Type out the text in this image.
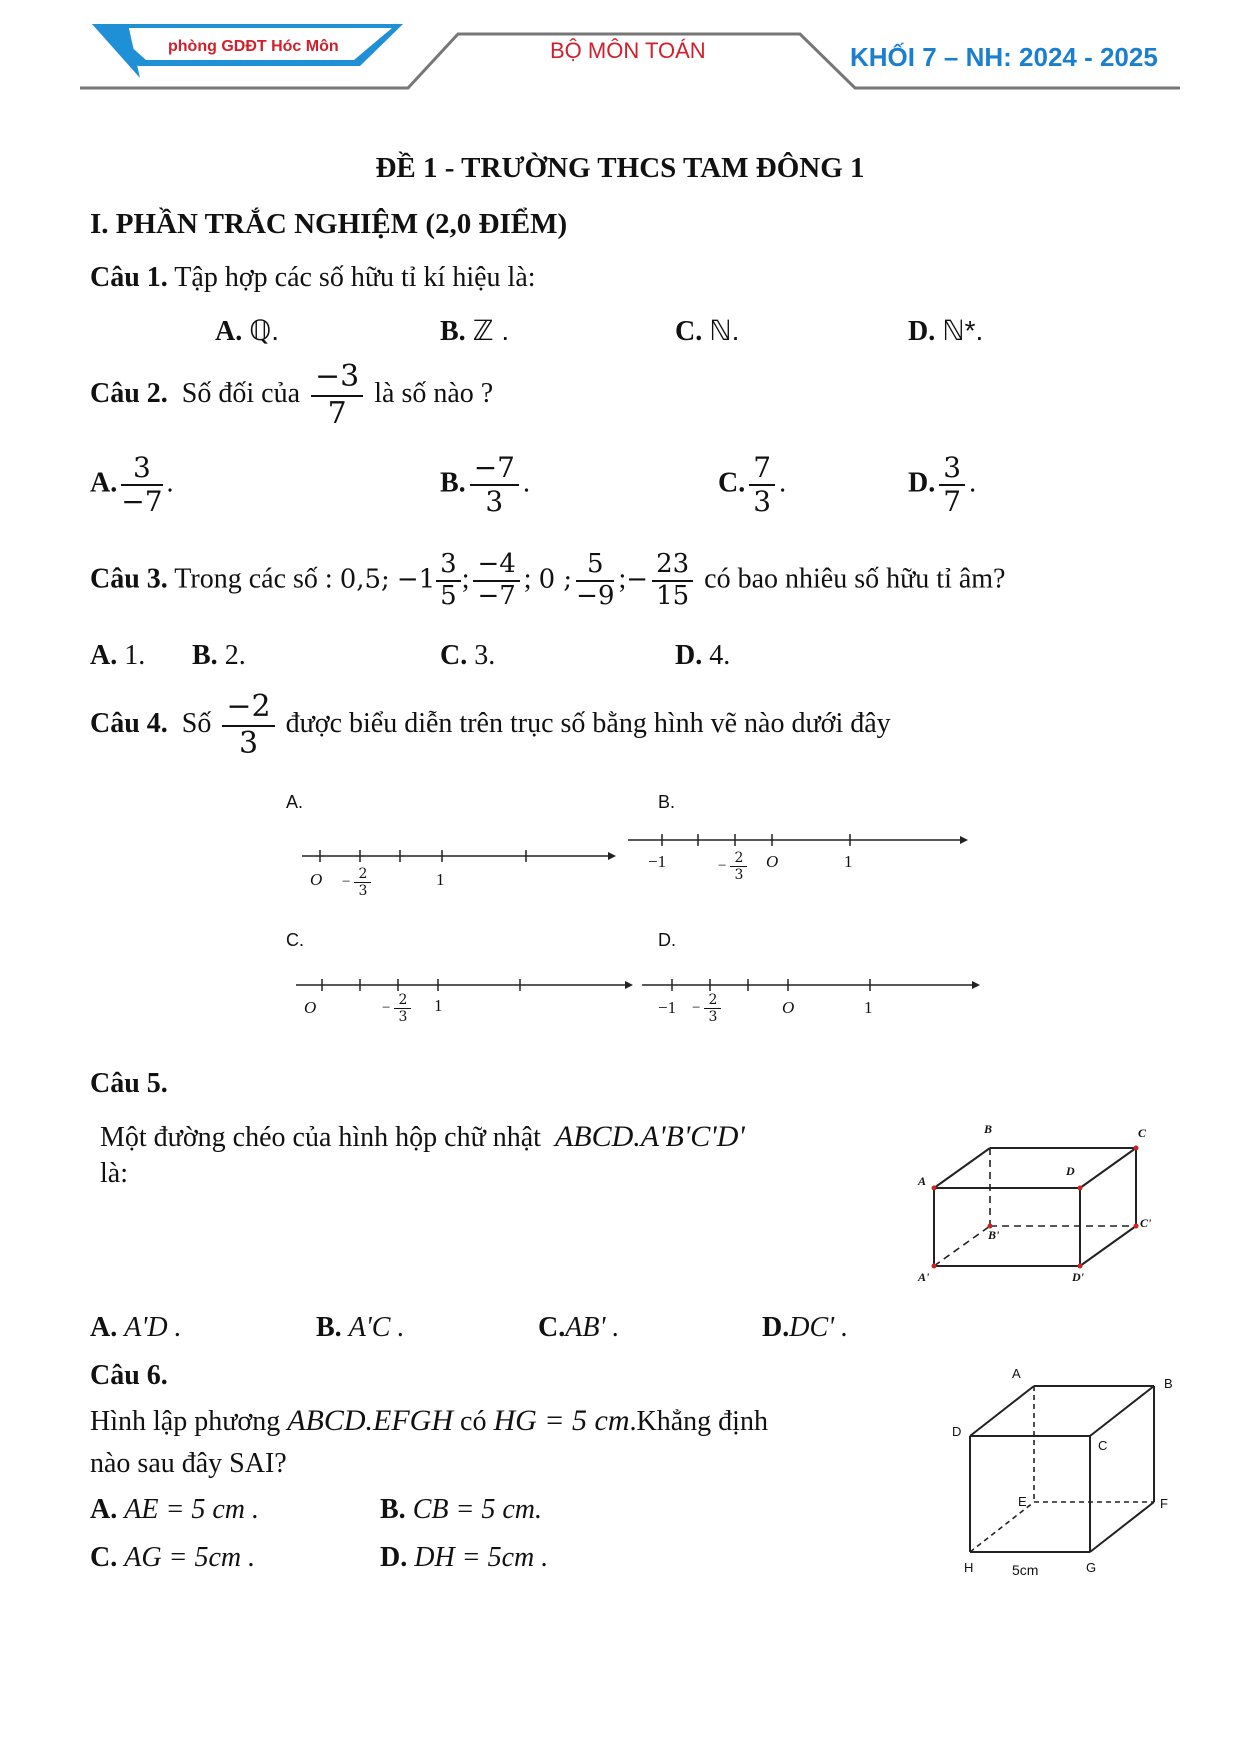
phòng GDĐT Hóc Môn	BỘ MÔN TOÁN	KHỐI 7 – NH: 2024 - 2025
ĐỀ 1 - TRƯỜNG THCS TAM ĐÔNG 1
I. PHẦN TRẮC NGHIỆM (2,0 ĐIỂM)
Câu 1. Tập hợp các số hữu tỉ kí hiệu là:
A. ℚ.	B. ℤ .	C. ℕ.	D. ℕ*.
Câu 2. Số đối của $\frac{-3}{7}$ là số nào ?
A. $\frac{3}{-7}$ .	B. $\frac{-7}{3}$ .	C. $\frac{7}{3}$ .	D. $\frac{3}{7}$ .
Câu 3. Trong các số : 0,5; $-1 \frac{3}{5}$ ; $\frac{-4}{-7}$ ; 0 ; $\frac{5}{-9}$ ;− $\frac{23}{15}$ có bao nhiêu số hữu tỉ âm?
A. 1. B. 2.	C. 3.	D. 4.
Câu 4. Số $\frac{-2}{3}$ được biểu diễn trên trục số bằng hình vẽ nào dưới đây
A.
$O - \frac{2}{3}$	1
B.
−1	− $\frac{2}{3}$ O	1
C.
O	− $\frac{2}{3} 1$
D.
$-1 - \frac{2}{3}$	O	1
Câu 5.
Một đường chéo của hình hộp chữ nhật ABCD.A'B'C'D'
là:
B	C
A
D
B'
C'
A'	D'
A. A'D .	B. A'C .	C.AB' .	D.DC' .
Câu 6.
Hình lập phương ABCD.EFGH có HG = 5 cm.Khẳng định
nào sau đây SAI?
A. AE = 5 cm .	B. CB = 5 cm.
C. AG = 5cm .	D. DH = 5cm .
A
B
D
C
E	F
H	G
5cm
